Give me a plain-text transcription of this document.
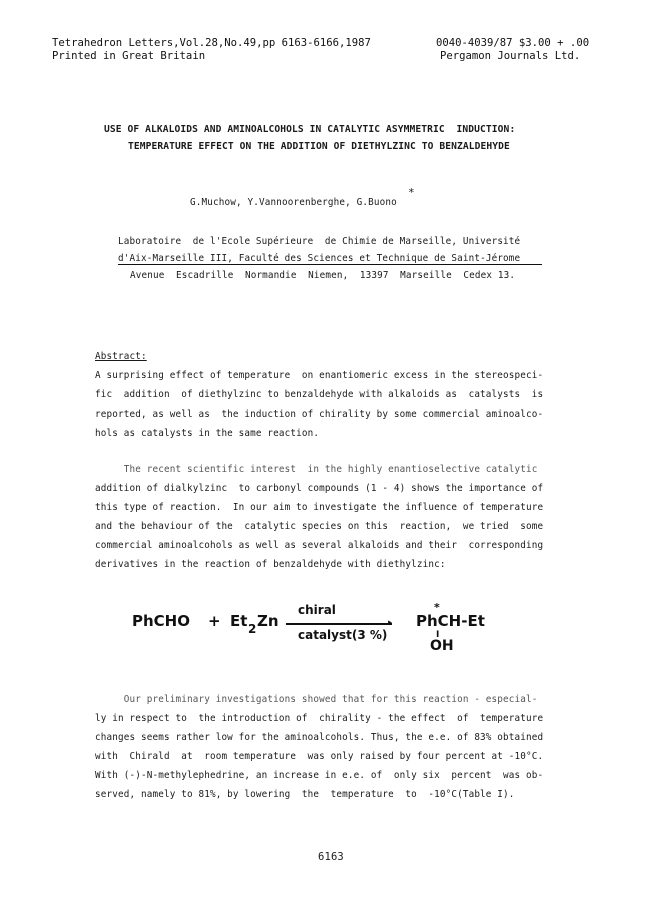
Tetrahedron Letters,Vol.28,No.49,pp 6163-6166,1987	0040-4039/87 $3.00 + .00
Printed in Great Britain	Pergamon Journals Ltd.
USE OF ALKALOIDS AND AMINOALCOHOLS IN CATALYTIC ASYMMETRIC  INDUCTION:
TEMPERATURE EFFECT ON THE ADDITION OF DIETHYLZINC TO BENZALDEHYDE
G.Muchow, Y.Vannoorenberghe, G.Buono
*
Laboratoire  de l'Ecole Supérieure  de Chimie de Marseille, Université
d'Aix-Marseille III, Faculté des Sciences et Technique de Saint-Jérome
Avenue  Escadrille  Normandie  Niemen,  13397  Marseille  Cedex 13.
Abstract:
A surprising effect of temperature  on enantiomeric excess in the stereospeci-
fic  addition  of diethylzinc to benzaldehyde with alkaloids as  catalysts  is
reported, as well as  the induction of chirality by some commercial aminoalco-
hols as catalysts in the same reaction.
The recent scientific interest  in the highly enantioselective catalytic
addition of dialkylzinc  to carbonyl compounds (1 - 4) shows the importance of
this type of reaction.  In our aim to investigate the influence of temperature
and the behaviour of the  catalytic species on this  reaction,  we tried  some
commercial aminoalcohols as well as several alkaloids and their  corresponding
derivatives in the reaction of benzaldehyde with diethylzinc:
PhCHO + Et 2 Zn
chiral
▸
catalyst(3 %)
*
PhCH-Et
I
OH
Our preliminary investigations showed that for this reaction - especial-
ly in respect to  the introduction of  chirality - the effect  of  temperature
changes seems rather low for the aminoalcohols. Thus, the e.e. of 83% obtained
with  Chirald  at  room temperature  was only raised by four percent at -10°C.
With (-)-N-methylephedrine, an increase in e.e. of  only six  percent  was ob-
served, namely to 81%, by lowering  the  temperature  to  -10°C(Table I).
6163
